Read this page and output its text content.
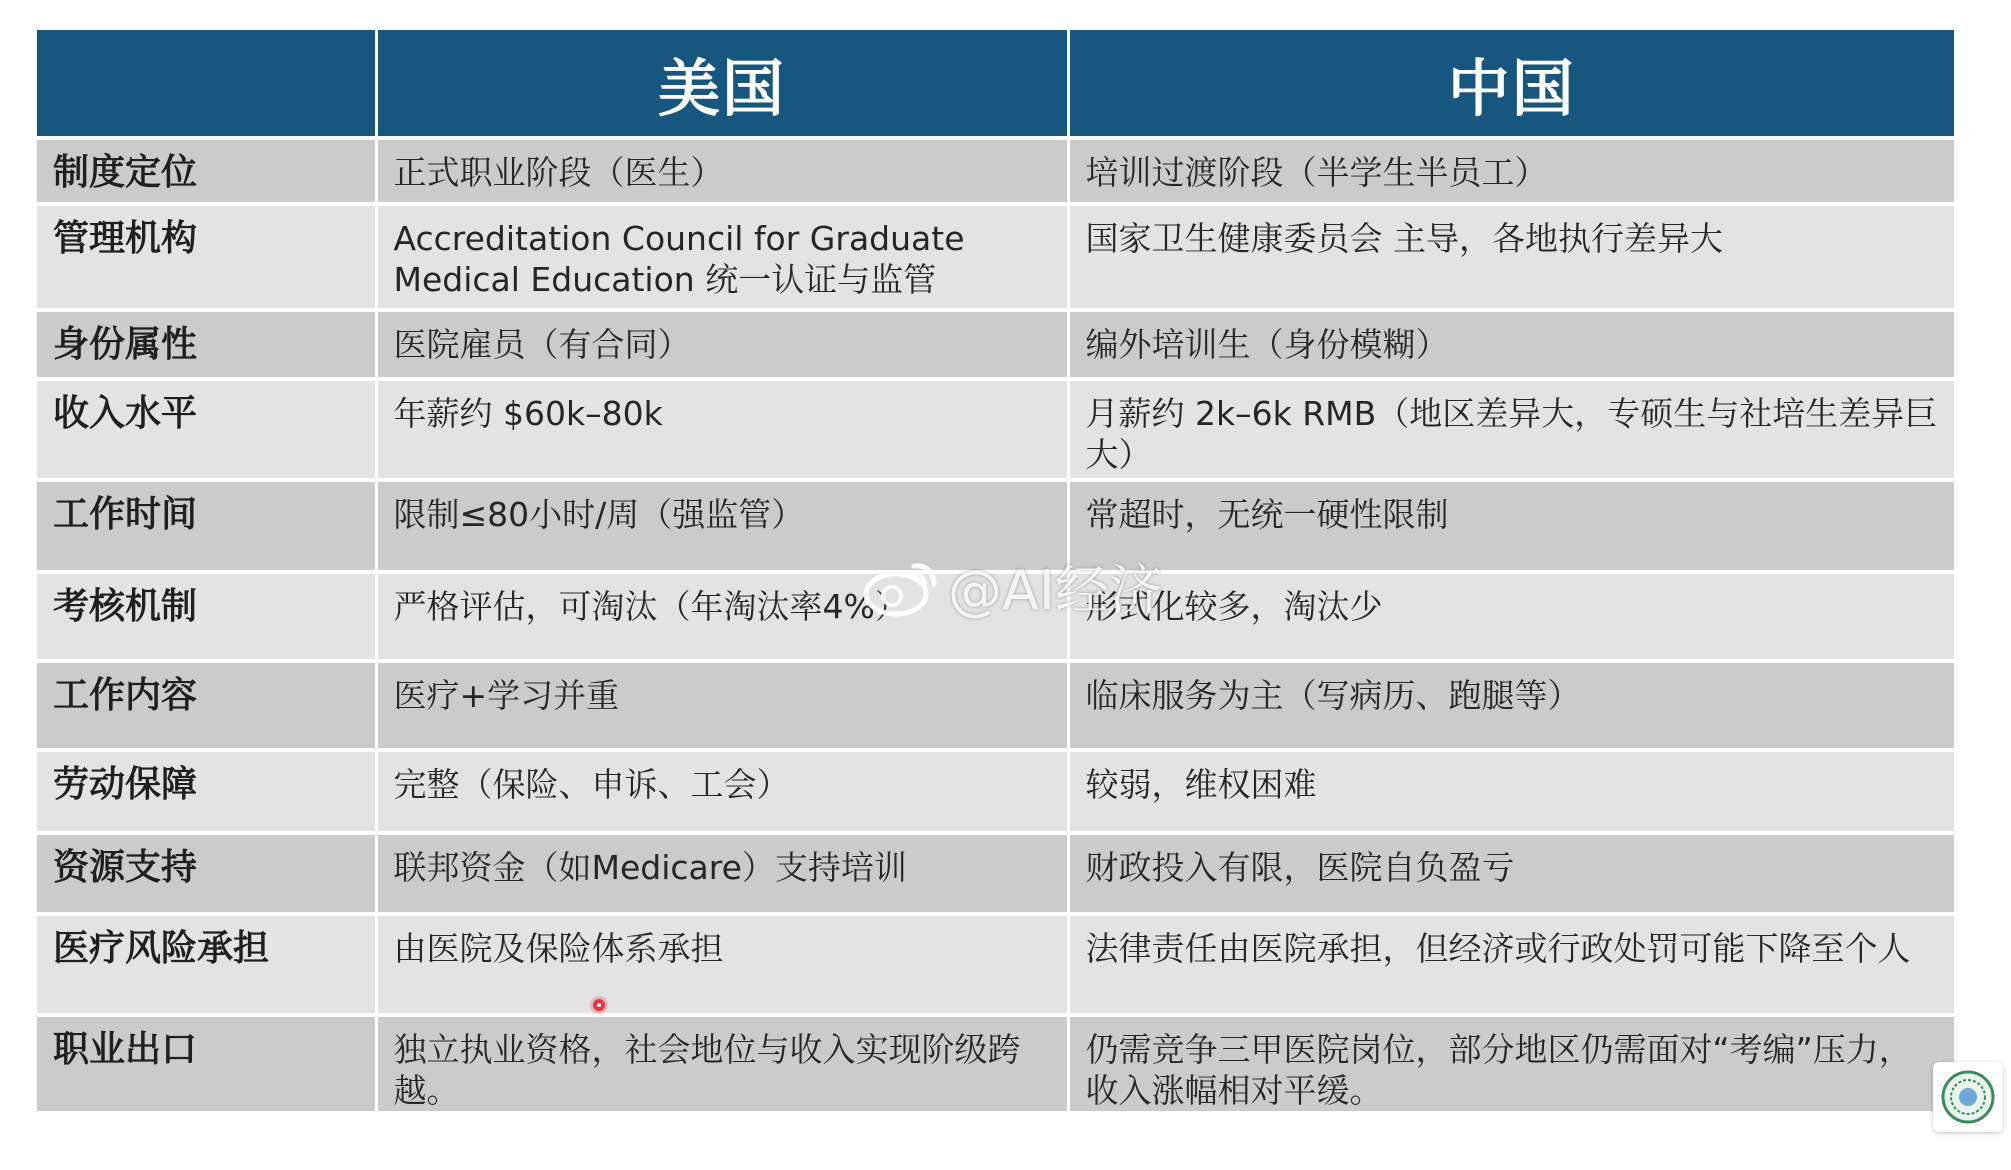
	美国	中国
制度定位	正式职业阶段（医生）	培训过渡阶段（半学生半员工）
管理机构	Accreditation Council for Graduate Medical Education 统一认证与监管	国家卫生健康委员会 主导，各地执行差异大
身份属性	医院雇员（有合同）	编外培训生（身份模糊）
收入水平	年薪约 $60k–80k	月薪约 2k–6k RMB（地区差异大，专硕生与社培生差异巨大）
工作时间	限制≤80小时/周（强监管）	常超时，无统一硬性限制
考核机制	严格评估，可淘汰（年淘汰率4%）	形式化较多，淘汰少
工作内容	医疗+学习并重	临床服务为主（写病历、跑腿等）
劳动保障	完整（保险、申诉、工会）	较弱，维权困难
资源支持	联邦资金（如Medicare）支持培训	财政投入有限，医院自负盈亏
医疗风险承担	由医院及保险体系承担	法律责任由医院承担，但经济或行政处罚可能下降至个人
职业出口	独立执业资格，社会地位与收入实现阶级跨越。	仍需竞争三甲医院岗位，部分地区仍需面对“考编”压力，收入涨幅相对平缓。
@AI经济
